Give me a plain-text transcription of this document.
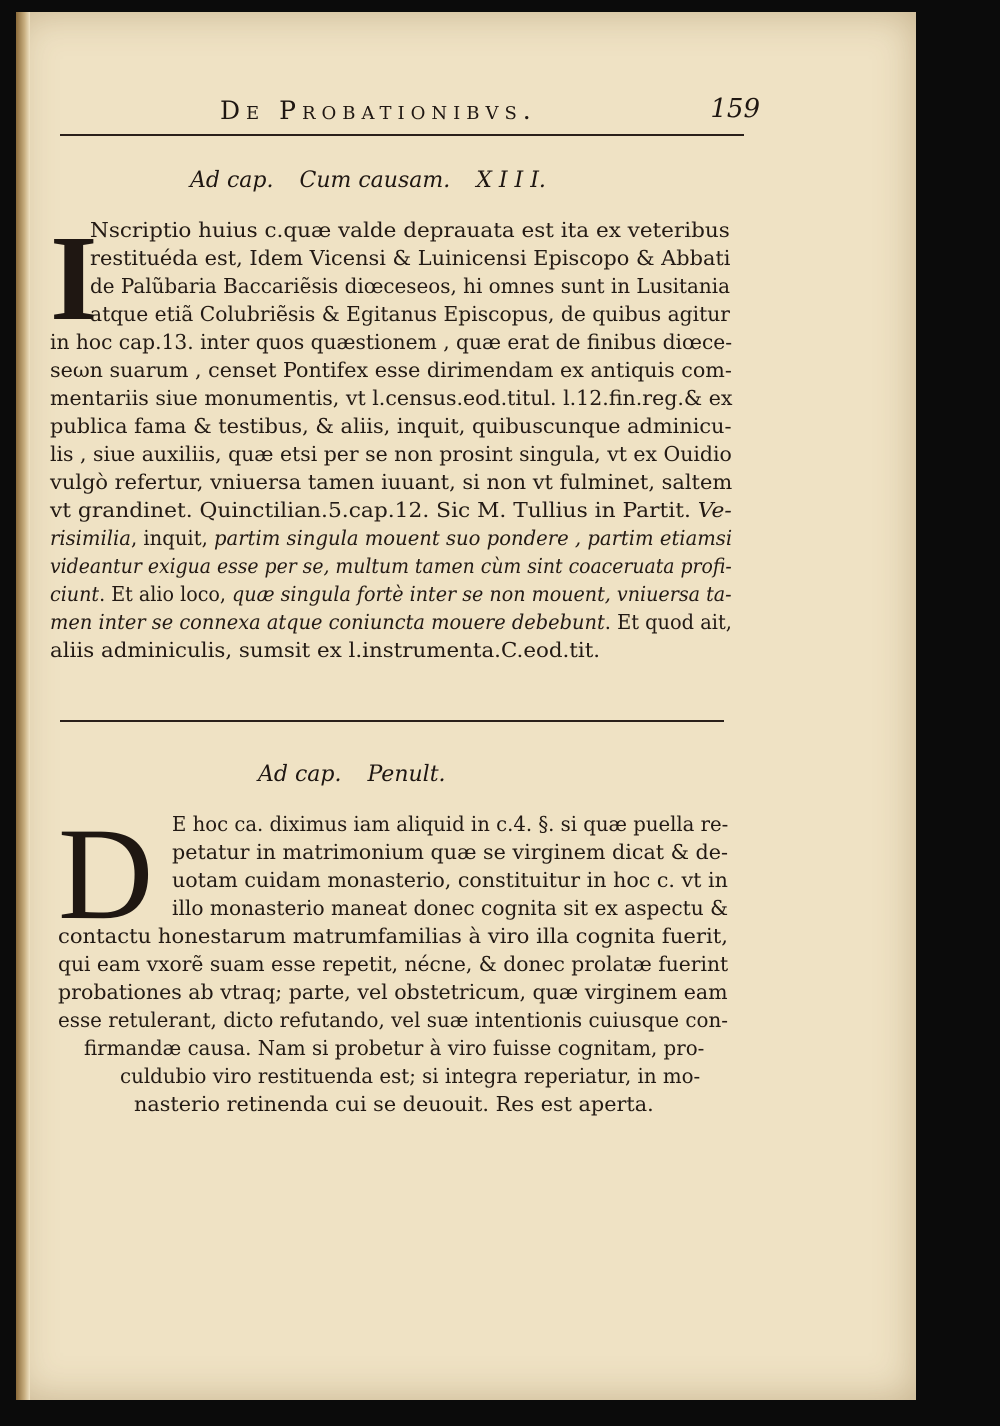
De Probationibvs.	159
Ad cap. Cum causam. X I I I.
I
Nscriptio huius c.quæ valde deprauata est ita ex veteribus
restituéda est, Idem Vicensi & Luinicensi Episcopo & Abbati
de Palũbaria Baccariẽsis diœceseos, hi omnes sunt in Lusitania
atque etiã Colubriẽsis & Egitanus Episcopus, de quibus agitur
in hoc cap.13. inter quos quæstionem , quæ erat de finibus diœce-
seωn suarum , censet Pontifex esse dirimendam ex antiquis com-
mentariis siue monumentis, vt l.census.eod.titul. l.12.fin.reg.& ex
publica fama & testibus, & aliis, inquit, quibuscunque adminicu-
lis , siue auxiliis, quæ etsi per se non prosint singula, vt ex Ouidio
vulgò refertur, vniuersa tamen iuuant, si non vt fulminet, saltem
vt grandinet. Quinctilian.5.cap.12. Sic M. Tullius in Partit. Ve-
risimilia, inquit, partim singula mouent suo pondere , partim etiamsi
videantur exigua esse per se, multum tamen cùm sint coaceruata profi-
ciunt. Et alio loco, quæ singula fortè inter se non mouent, vniuersa ta-
men inter se connexa atque coniuncta mouere debebunt. Et quod ait,
aliis adminiculis, sumsit ex l.instrumenta.C.eod.tit.
Ad cap. Penult.
D E hoc ca. diximus iam aliquid in c.4. §. si quæ puella re-
petatur in matrimonium quæ se virginem dicat & de-
uotam cuidam monasterio, constituitur in hoc c. vt in
illo monasterio maneat donec cognita sit ex aspectu &
contactu honestarum matrumfamilias à viro illa cognita fuerit,
qui eam vxorẽ suam esse repetit, nécne, & donec prolatæ fuerint
probationes ab vtraq; parte, vel obstetricum, quæ virginem eam
esse retulerant, dicto refutando, vel suæ intentionis cuiusque con-
firmandæ causa. Nam si probetur à viro fuisse cognitam, pro-
culdubio viro restituenda est; si integra reperiatur, in mo-
nasterio retinenda cui se deuouit. Res est aperta.
